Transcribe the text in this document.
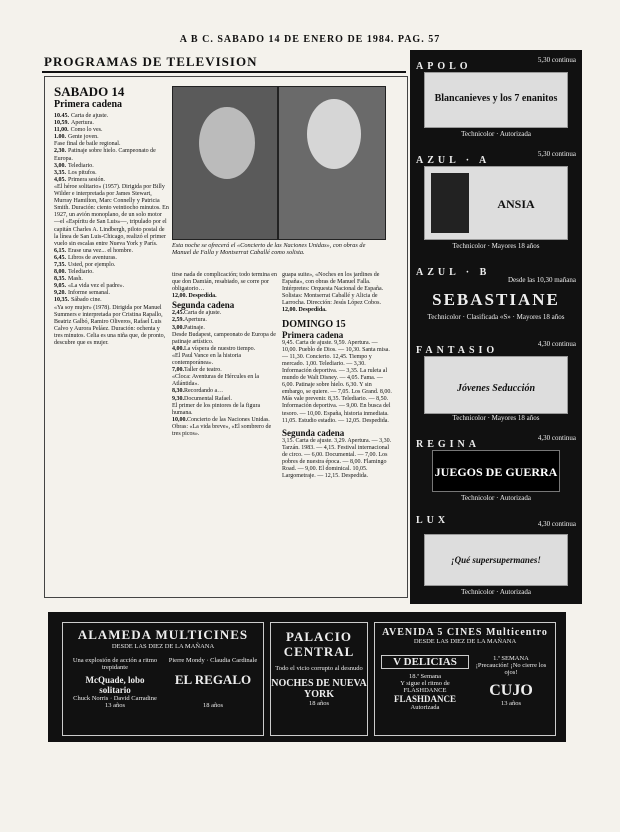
A B C. SABADO 14 DE ENERO DE 1984. PAG. 57
PROGRAMAS DE TELEVISION
SABADO 14
Primera cadena

10.45. Carta de ajuste.

10,59. Apertura.

11,00. Como lo ves.

1.00. Gente joven.

Fase final de baile regional.

2,30. Patinaje sobre hielo. Campeonato de Europa.

3,00. Telediario.

3,35. Los pitufos.

4,05. Primera sesión.

«El héroe solitario» (1957). Dirigida por Billy Wilder e interpretada por James Stewart, Murray Hamilton, Marc Connelly y Patricia Smith. Duración: ciento veintiocho minutos. En 1927, un avión monoplano, de un solo motor —el «Espíritu de San Luis»—, tripulado por el capitán Charles A. Lindbergh, piloto postal de la línea de San Luis-Chicago, realizó el primer vuelo sin escalas entre Nueva York y París.

6,15. Erase una vez... el hombre.

6,45. Libros de aventuras.

7,35. Usted, por ejemplo.

8,00. Telediario.

8,35. Mash.

9,05. «La vida vez el padre».

9,20. Informe semanal.

10,35. Sábado cine.

«Ya soy mujer» (1978). Dirigida por Manuel Summers e interpretada por Cristina Rapallo, Beatriz Galbó, Ramiro Oliveros, Rafael Luis Calvo y Aurora Peláez. Duración: ochenta y tres minutos. Celia es una niña que, de pronto, descubre que es mujer.

Esta noche se ofrecerá el «Concierto de las Naciones Unidas», con obras de Manuel de Falla y Montserrat Caballé como solista.

tirse nada de complicación; todo termina en que don Damián, resabiado, se corre por obligatorio…

12,00. Despedida.

Segunda cadena

2,45.Carta de ajuste.

2,59.Apertura.

3,00.Patinaje.

Desde Budapest, campeonato de Europa de patinaje artístico.

4,00.La víspera de nuestro tiempo.

«El Paul Vance en la historia contemporánea».

7,00.Taller de teatro.

«Cloca: Aventuras de Hércules en la Atlántida».

8,30.Recordando a…

9,30.Documental Rafael.

El primer de los pintores de la figura humana.

10,00.Concierto de las Naciones Unidas.

Obras: «La vida breve», «El sombrero de tres picos».

guapa suite», «Noches en los jardines de España», con obras de Manuel Falla. Intérpretes: Orquesta Nacional de España. Solistas: Montserrat Caballé y Alicia de Larrocha. Dirección: Jesús López Cobos.

12,00. Despedida.

DOMINGO 15
Primera cadena

9,45. Carta de ajuste. 9,59. Apertura. — 10,00. Pueblo de Dios. — 10,30. Santa misa. — 11,30. Concierto. 12,45. Tiempo y mercado. 1,00. Telediario. — 3,30. Información deportiva. — 3,35. La ruleta al mundo de Walt Disney. — 4,05. Fama. — 6,00. Patinaje sobre hielo. 6,30. Y sin embargo, se quiere. — 7,05. Los Grand. 8,00. Más vale prevenir. 8,35. Telediario. — 8,50. Información deportiva. — 9,00. En busca del tesoro. — 10,00. España, historia inmediata. 11,05. Estudio estadio. — 12,05. Despedida.

Segunda cadena

3,15. Carta de ajuste. 3,29. Apertura. — 3,30. Tarzán. 1983. — 4,15. Festival internacional de circo. — 6,00. Documental. — 7,00. Los pobres de nuestra época. — 8,00. Flamingo Road. — 9,00. El dominical. 10,05. Largometraje. — 12,15. Despedida.

APOLO
5,30 continua
Blancanieves y los 7 enanitos
Technicolor · Autorizada
AZUL · A
5,30 continua
ANSIA
Technicolor · Mayores 18 años
AZUL · B
Desde las 10,30 mañana
SEBASTIANE
Technicolor · Clasificada «S» · Mayores 18 años
FANTASIO
4,30 continua
Jóvenes Seducción
Technicolor · Mayores 18 años
REGINA
4,30 continua
JUEGOS DE GUERRA
Technicolor · Autorizada
LUX	4,30 continua
¡Qué supersupermanes!
Technicolor · Autorizada
ALAMEDA MULTICINES
DESDE LAS DIEZ DE LA MAÑANA
Una explosión de acción a ritmo trepidante
McQuade, lobo solitario
Chuck Norris · David Carradine
13 años
Pierre Mondy · Claudia Cardinale
EL REGALO
18 años
PALACIO CENTRAL
Todo el vicio corrupto al desnudo
NOCHES DE NUEVA YORK
18 años
AVENIDA 5 CINES Multicentro
DESDE LAS DIEZ DE LA MAÑANA
V DELICIAS
18.ª Semana
Y sigue el ritmo de FLASHDANCE
FLASHDANCE
Autorizada
1.ª SEMANA
¡Precaución! ¡No cierre los ojos!
CUJO
13 años
